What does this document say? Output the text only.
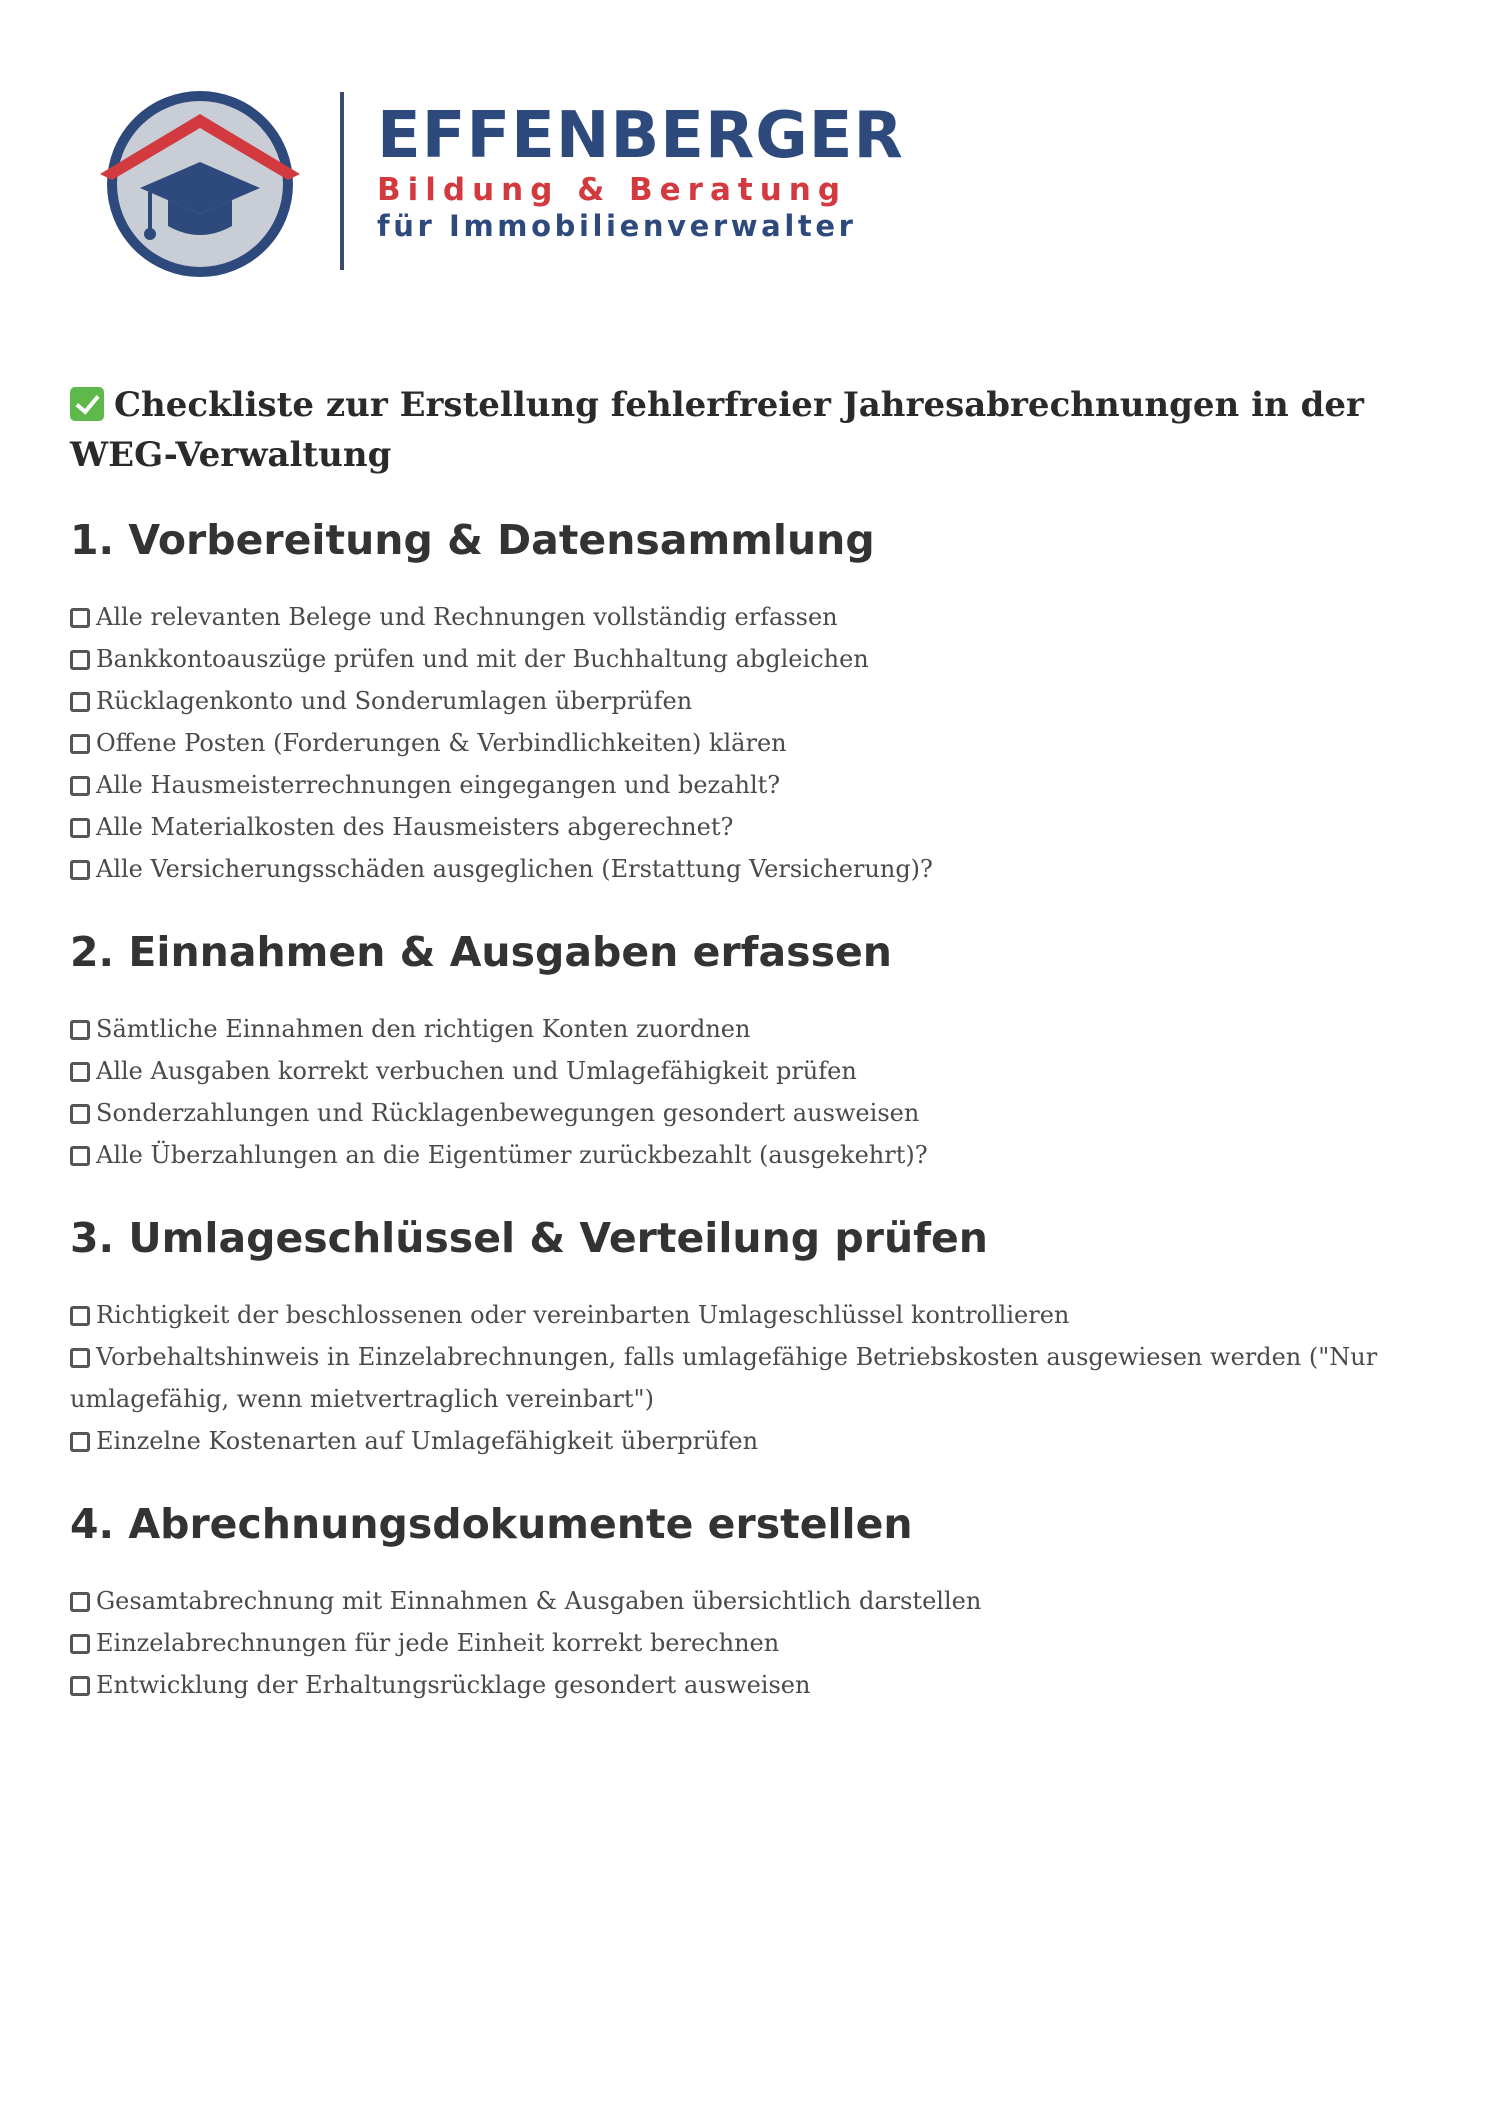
EFFENBERGER
Bildung & Beratung
für Immobilienverwalter
Checkliste zur Erstellung fehlerfreier Jahresabrechnungen in der WEG-Verwaltung
1. Vorbereitung & Datensammlung
Alle relevanten Belege und Rechnungen vollständig erfassen
Bankkontoauszüge prüfen und mit der Buchhaltung abgleichen
Rücklagenkonto und Sonderumlagen überprüfen
Offene Posten (Forderungen & Verbindlichkeiten) klären
Alle Hausmeisterrechnungen eingegangen und bezahlt?
Alle Materialkosten des Hausmeisters abgerechnet?
Alle Versicherungsschäden ausgeglichen (Erstattung Versicherung)?
2. Einnahmen & Ausgaben erfassen
Sämtliche Einnahmen den richtigen Konten zuordnen
Alle Ausgaben korrekt verbuchen und Umlagefähigkeit prüfen
Sonderzahlungen und Rücklagenbewegungen gesondert ausweisen
Alle Überzahlungen an die Eigentümer zurückbezahlt (ausgekehrt)?
3. Umlageschlüssel & Verteilung prüfen
Richtigkeit der beschlossenen oder vereinbarten Umlageschlüssel kontrollieren
Vorbehaltshinweis in Einzelabrechnungen, falls umlagefähige Betriebskosten ausgewiesen werden ("Nur umlagefähig, wenn mietvertraglich vereinbart")
Einzelne Kostenarten auf Umlagefähigkeit überprüfen
4. Abrechnungsdokumente erstellen
Gesamtabrechnung mit Einnahmen & Ausgaben übersichtlich darstellen
Einzelabrechnungen für jede Einheit korrekt berechnen
Entwicklung der Erhaltungsrücklage gesondert ausweisen
